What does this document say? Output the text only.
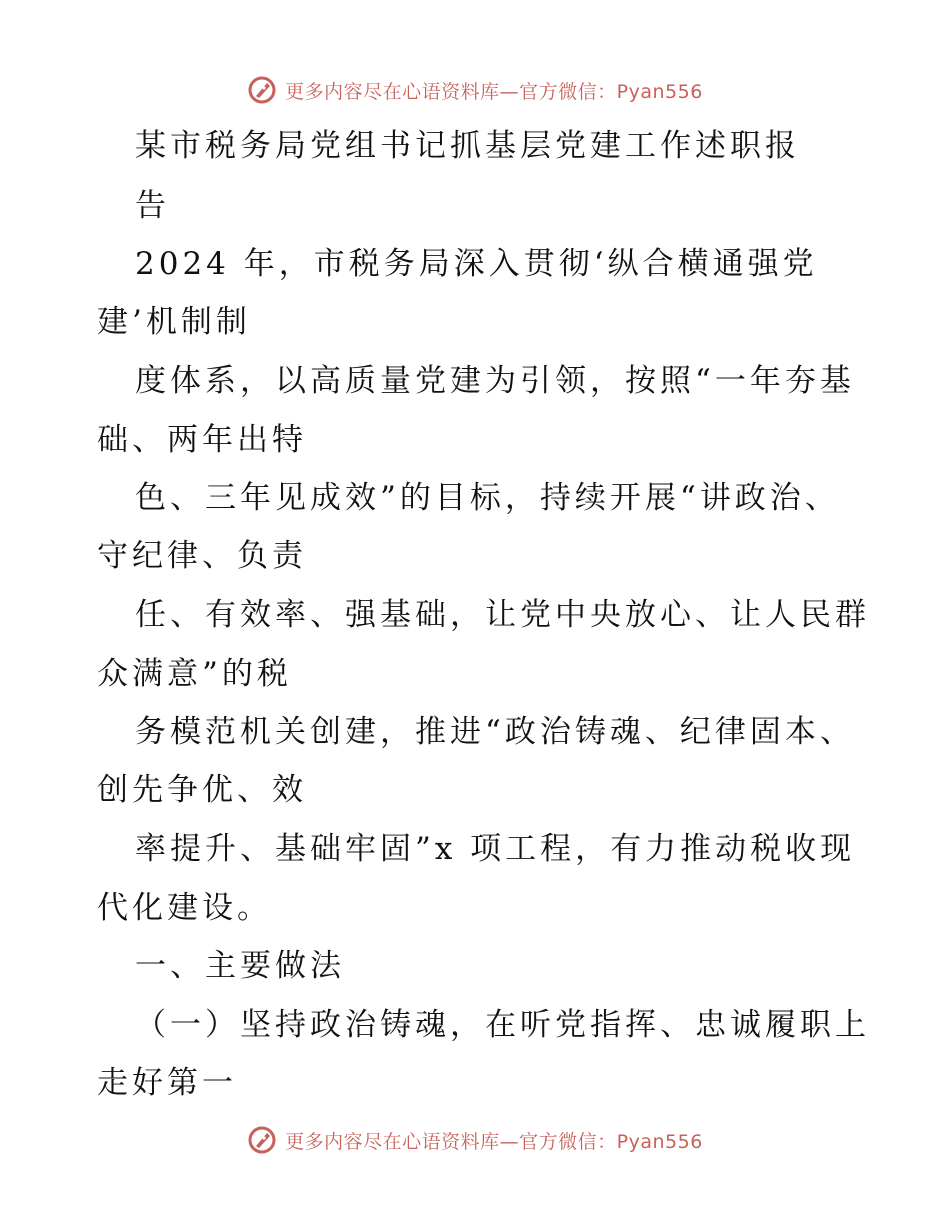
更多内容尽在心语资料库—官方微信：Pyan556
某市税务局党组书记抓基层党建工作述职报
告
2024 年，市税务局深入贯彻‘纵合横通强党
建’机制制
度体系，以高质量党建为引领，按照“一年夯基
础、两年出特
色、三年见成效”的目标，持续开展“讲政治、
守纪律、负责
任、有效率、强基础，让党中央放心、让人民群
众满意”的税
务模范机关创建，推进“政治铸魂、纪律固本、
创先争优、效
率提升、基础牢固”x 项工程，有力推动税收现
代化建设。
一、主要做法
（一）坚持政治铸魂，在听党指挥、忠诚履职上
走好第一
更多内容尽在心语资料库—官方微信：Pyan556
